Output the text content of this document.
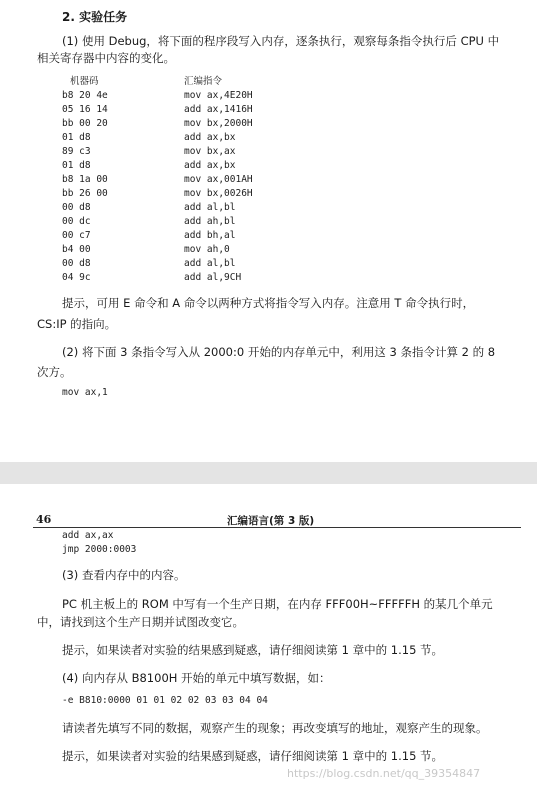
2. 实验任务
(1) 使用 Debug，将下面的程序段写入内存，逐条执行，观察每条指令执行后 CPU 中
相关寄存器中内容的变化。
机器码	汇编指令
b8 20 4e	mov ax,4E20H
05 16 14	add ax,1416H
bb 00 20	mov bx,2000H
01 d8	add ax,bx
89 c3	mov bx,ax
01 d8	add ax,bx
b8 1a 00	mov ax,001AH
bb 26 00	mov bx,0026H
00 d8	add al,bl
00 dc	add ah,bl
00 c7	add bh,al
b4 00	mov ah,0
00 d8	add al,bl
04 9c	add al,9CH
提示，可用 E 命令和 A 命令以两种方式将指令写入内存。注意用 T 命令执行时，
CS:IP 的指向。
(2) 将下面 3 条指令写入从 2000:0 开始的内存单元中，利用这 3 条指令计算 2 的 8
次方。
mov ax,1
46	汇编语言(第 3 版)
add ax,ax
jmp 2000:0003
(3) 查看内存中的内容。
PC 机主板上的 ROM 中写有一个生产日期，在内存 FFF00H~FFFFFH 的某几个单元
中，请找到这个生产日期并试图改变它。
提示，如果读者对实验的结果感到疑惑，请仔细阅读第 1 章中的 1.15 节。
(4) 向内存从 B8100H 开始的单元中填写数据，如：
-e B810:0000 01 01 02 02 03 03 04 04
请读者先填写不同的数据，观察产生的现象；再改变填写的地址，观察产生的现象。
提示，如果读者对实验的结果感到疑惑，请仔细阅读第 1 章中的 1.15 节。
https://blog.csdn.net/qq_39354847
